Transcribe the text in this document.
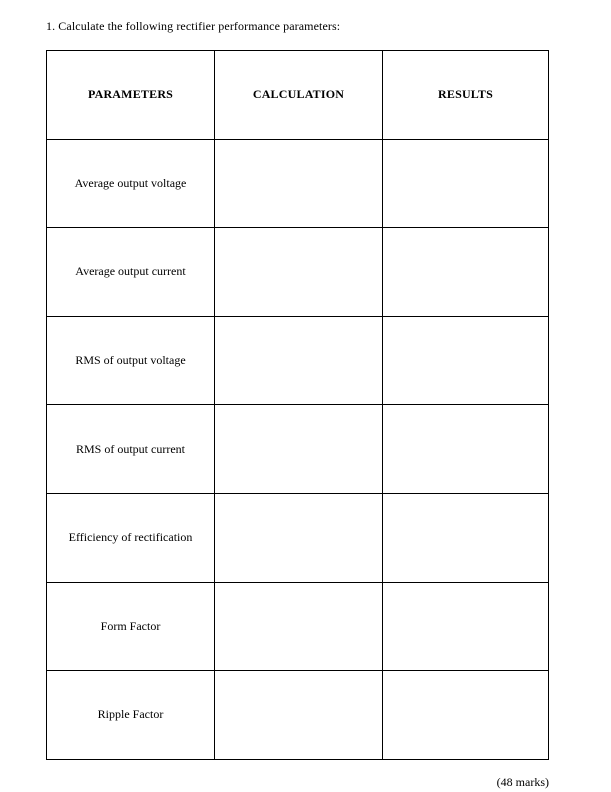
1. Calculate the following rectifier performance parameters:
PARAMETERS	CALCULATION	RESULTS
Average output voltage		
Average output current		
RMS of output voltage		
RMS of output current		
Efficiency of rectification		
Form Factor		
Ripple Factor		
(48 marks)
